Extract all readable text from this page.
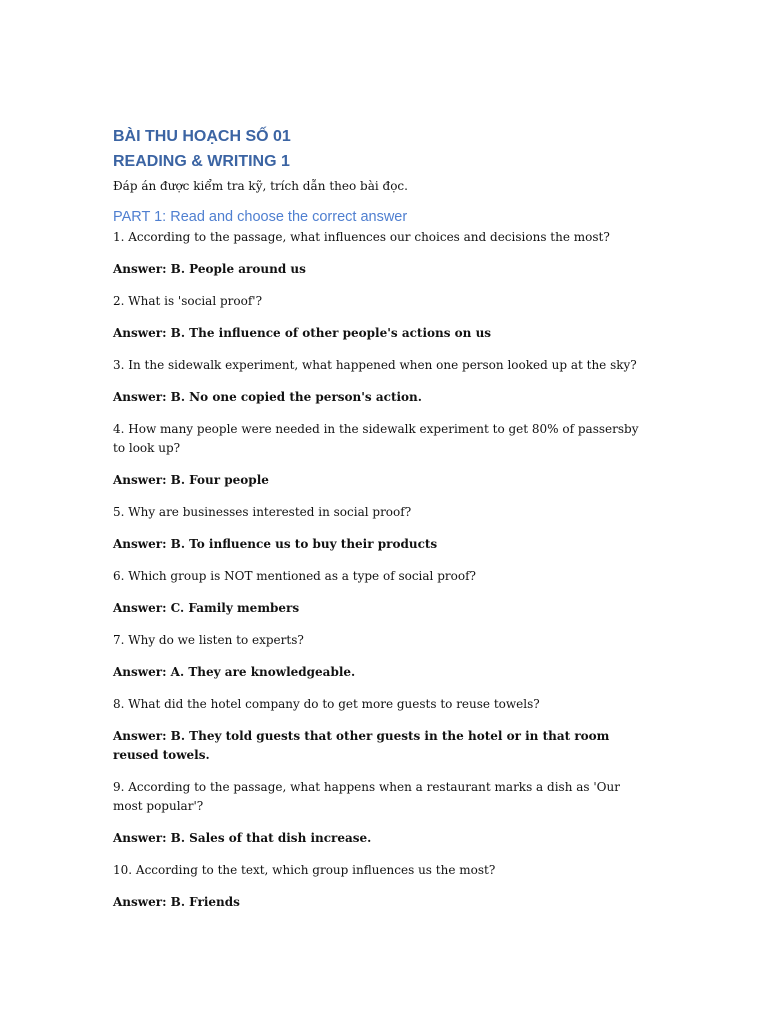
BÀI THU HOẠCH SỐ 01
READING & WRITING 1
Đáp án được kiểm tra kỹ, trích dẫn theo bài đọc.
PART 1: Read and choose the correct answer

1. According to the passage, what influences our choices and decisions the most?

Answer: B. People around us

2. What is 'social proof'?

Answer: B. The influence of other people's actions on us

3. In the sidewalk experiment, what happened when one person looked up at the sky?

Answer: B. No one copied the person's action.

4. How many people were needed in the sidewalk experiment to get 80% of passersby to look up?

Answer: B. Four people

5. Why are businesses interested in social proof?

Answer: B. To influence us to buy their products

6. Which group is NOT mentioned as a type of social proof?

Answer: C. Family members

7. Why do we listen to experts?

Answer: A. They are knowledgeable.

8. What did the hotel company do to get more guests to reuse towels?

Answer: B. They told guests that other guests in the hotel or in that room reused towels.

9. According to the passage, what happens when a restaurant marks a dish as 'Our most popular'?

Answer: B. Sales of that dish increase.

10. According to the text, which group influences us the most?

Answer: B. Friends
